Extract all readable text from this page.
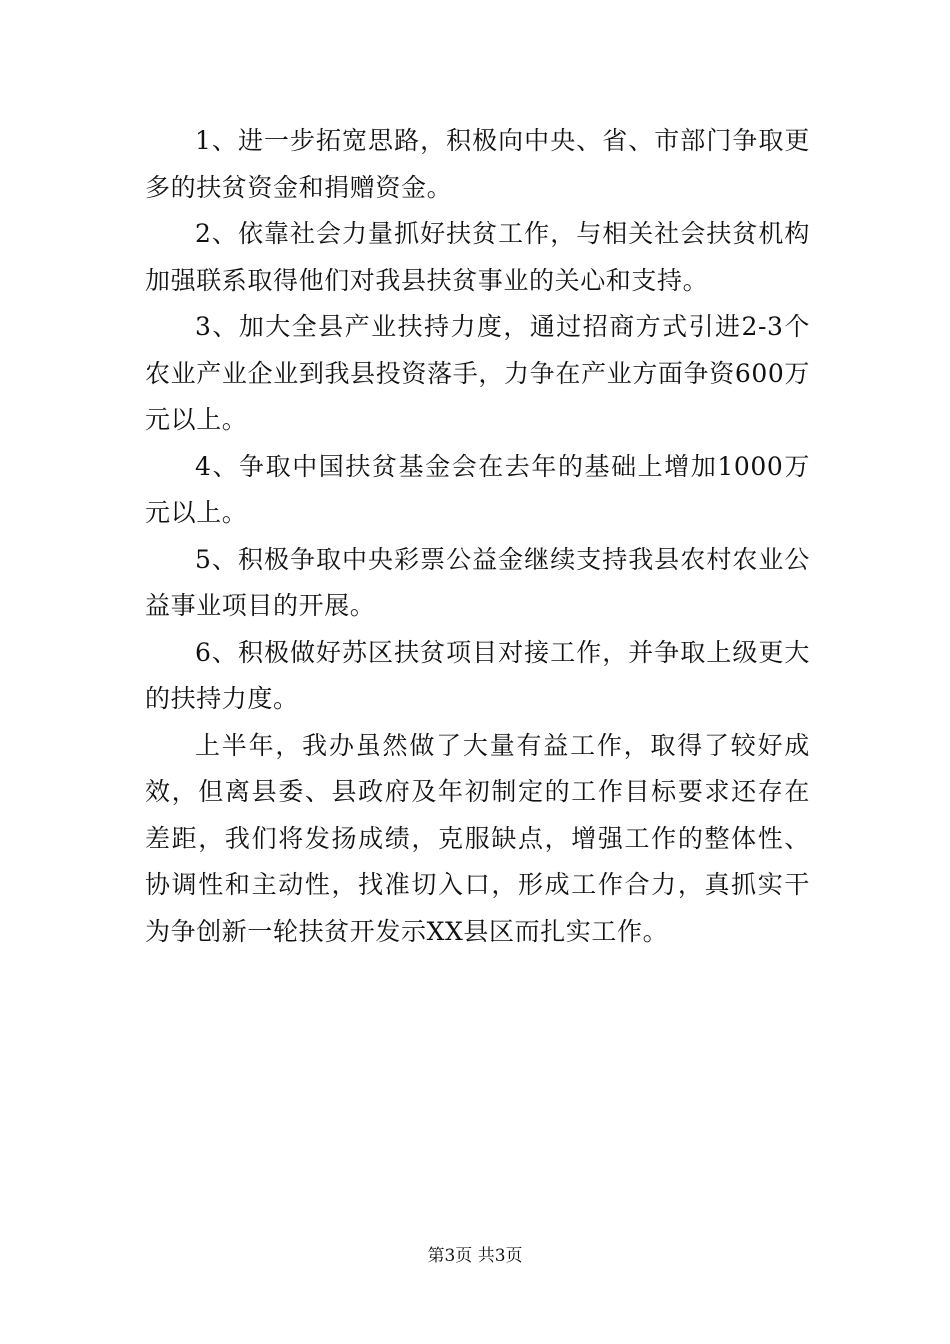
1、进一步拓宽思路，积极向中央、省、市部门争取更多的扶贫资金和捐赠资金。

2、依靠社会力量抓好扶贫工作，与相关社会扶贫机构加强联系取得他们对我县扶贫事业的关心和支持。

3、加大全县产业扶持力度，通过招商方式引进2-3个农业产业企业到我县投资落手，力争在产业方面争资600万元以上。

4、争取中国扶贫基金会在去年的基础上增加1000万元以上。

5、积极争取中央彩票公益金继续支持我县农村农业公益事业项目的开展。

6、积极做好苏区扶贫项目对接工作，并争取上级更大的扶持力度。

上半年，我办虽然做了大量有益工作，取得了较好成效，但离县委、县政府及年初制定的工作目标要求还存在差距，我们将发扬成绩，克服缺点，增强工作的整体性、协调性和主动性，找准切入口，形成工作合力，真抓实干为争创新一轮扶贫开发示XX县区而扎实工作。

第3页 共3页
